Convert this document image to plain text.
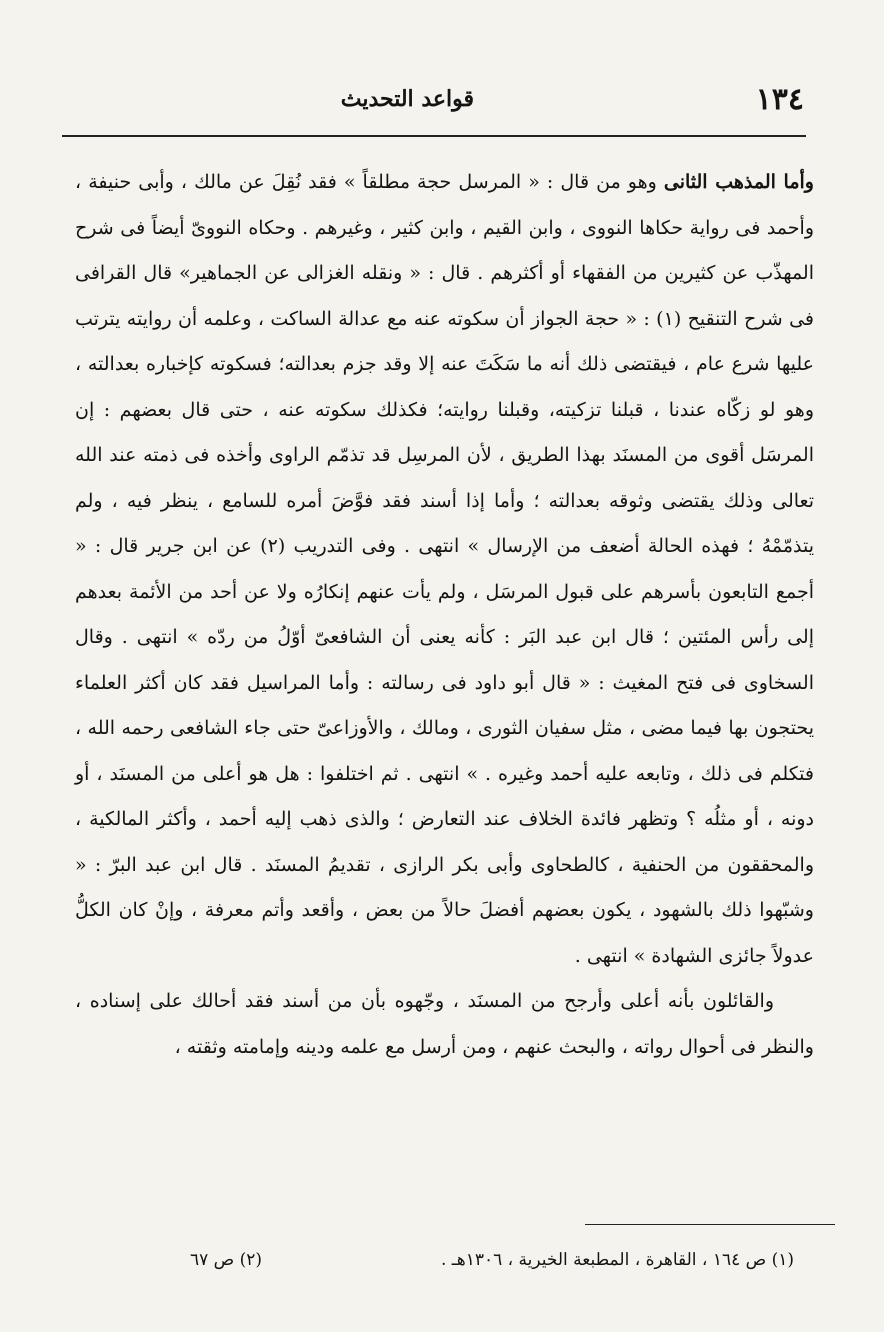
١٣٤
قواعد التحديث

وأما المذهب الثانى وهو من قال : « المرسل حجة مطلقاً » فقد نُقِلَ عن مالك ، وأبى حنيفة ، وأحمد فى رواية حكاها النووى ، وابن القيم ، وابن كثير ، وغيرهم . وحكاه النووىّ أيضاً فى شرح المهذّب عن كثيرين من الفقهاء أو أكثرهم . قال : « ونقله الغزالى عن الجماهير» قال القرافى فى شرح التنقيح (١) : « حجة الجواز أن سكوته عنه مع عدالة الساكت ، وعلمه أن روايته يترتب عليها شرع عام ، فيقتضى ذلك أنه ما سَكَتَ عنه إلا وقد جزم بعدالته؛ فسكوته كإخباره بعدالته ، وهو لو زكّاه عندنا ، قبلنا تزكيته، وقبلنا روايته؛ فكذلك سكوته عنه ، حتى قال بعضهم : إن المرسَل أقوى من المسنَد بهذا الطريق ، لأن المرسِل قد تذمّم الراوى وأخذه فى ذمته عند الله تعالى وذلك يقتضى وثوقه بعدالته ؛ وأما إذا أسند فقد فوَّضَ أمره للسامع ، ينظر فيه ، ولم يتذمّمْهُ ؛ فهذه الحالة أضعف من الإرسال » انتهى . وفى التدريب (٢) عن ابن جرير قال : « أجمع التابعون بأسرهم على قبول المرسَل ، ولم يأت عنهم إنكارُه ولا عن أحد من الأئمة بعدهم إلى رأس المئتين ؛ قال ابن عبد البَر : كأنه يعنى أن الشافعىّ أوّلُ من ردّه » انتهى . وقال السخاوى فى فتح المغيث : « قال أبو داود فى رسالته : وأما المراسيل فقد كان أكثر العلماء يحتجون بها فيما مضى ، مثل سفيان الثورى ، ومالك ، والأوزاعىّ حتى جاء الشافعى رحمه الله ، فتكلم فى ذلك ، وتابعه عليه أحمد وغيره . » انتهى . ثم اختلفوا : هل هو أعلى من المسنَد ، أو دونه ، أو مثلُه ؟ وتظهر فائدة الخلاف عند التعارض ؛ والذى ذهب إليه أحمد ، وأكثر المالكية ، والمحققون من الحنفية ، كالطحاوى وأبى بكر الرازى ، تقديمُ المسنَد . قال ابن عبد البرّ : « وشبّهوا ذلك بالشهود ، يكون بعضهم أفضلَ حالاً من بعض ، وأقعد وأتم معرفة ، وإنْ كان الكلُّ عدولاً جائزى الشهادة » انتهى .

والقائلون بأنه أعلى وأرجح من المسنَد ، وجّهوه بأن من أسند فقد أحالك على إسناده ، والنظر فى أحوال رواته ، والبحث عنهم ، ومن أرسل مع علمه ودينه وإمامته وثقته ،

(١) ص ١٦٤ ، القاهرة ، المطبعة الخيرية ، ١٣٠٦هـ .
(٢) ص ٦٧
